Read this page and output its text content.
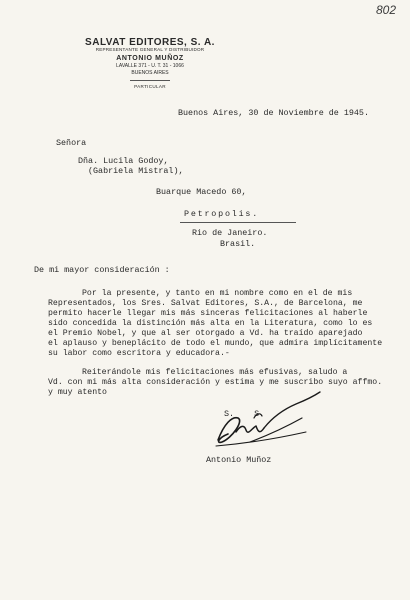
802
SALVAT EDITORES, S. A.
REPRESENTANTE GENERAL Y DISTRIBUIDOR
ANTONIO MUÑOZ
LAVALLE 371 - U. T. 31 - 1066
BUENOS AIRES
PARTICULAR
Buenos Aires, 30 de Noviembre de 1945.
Señora
Dña. Lucila Godoy,
(Gabriela Mistral),
Buarque Macedo 60,
Petropolis.
Rio de Janeiro.
Brasil.
De mi mayor consideración :
Por la presente, y tanto en mi nombre como en el de mis
Representados, los Sres. Salvat Editores, S.A., de Barcelona, me
permito hacerle llegar mis más sinceras felicitaciones al haberle
sido concedida la distinción más alta en la Literatura, como lo es
el Premio Nobel, y que al ser otorgado a Vd. ha traído aparejado
el aplauso y beneplácito de todo el mundo, que admira implícitamente
su labor como escritora y educadora.-
Reiterándole mis felicitaciones más efusivas, saludo a
Vd. con mi más alta consideración y estima y me suscribo suyo affmo.
y muy atento
S.    S.
Antonio Muñoz
